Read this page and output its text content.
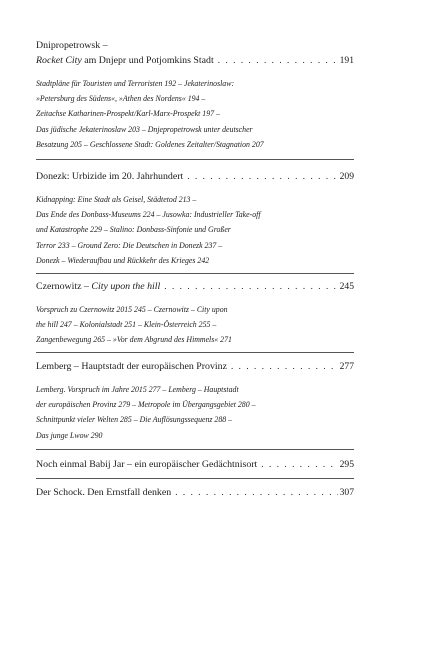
Dnipropetrowsk –
Rocket City am Dnjepr und Potjomkins Stadt . . .	191
Stadtpläne für Touristen und Terroristen 192 – Jekaterinoslaw:
»Petersburg des Südens«, »Athen des Nordens« 194 –
Zeitachse Katharinen-Prospekt/Karl-Marx-Prospekt 197 –
Das jüdische Jekaterinoslaw 203 – Dnjepropetrowsk unter deutscher
Besatzung 205 – Geschlossene Stadt: Goldenes Zeitalter/Stagnation 207
Donezk: Urbizide im 20. Jahrhundert . . .	209
Kidnapping: Eine Stadt als Geisel, Städtetod 213 –
Das Ende des Donbass-Museums 224 – Jusowka: Industrieller Take-off
und Katastrophe 229 – Stalino: Donbass-Sinfonie und Großer
Terror 233 – Ground Zero: Die Deutschen in Donezk 237 –
Donezk – Wiederaufbau und Rückkehr des Krieges 242
Czernowitz – City upon the hill . . .	245
Vorspruch zu Czernowitz 2015 245 – Czernowitz – City upon
the hill 247 – Kolonialstadt 251 – Klein-Österreich 255 –
Zangenbewegung 265 – »Vor dem Abgrund des Himmels« 271
Lemberg – Hauptstadt der europäischen Provinz . . .	277
Lemberg. Vorspruch im Jahre 2015 277 – Lemberg – Hauptstadt
der europäischen Provinz 279 – Metropole im Übergangsgebiet 280 –
Schnittpunkt vieler Welten 285 – Die Auflösungssequenz 288 –
Das junge Lwow 290
Noch einmal Babij Jar – ein europäischer Gedächtnisort . . .	295
Der Schock. Den Ernstfall denken . . .	307
